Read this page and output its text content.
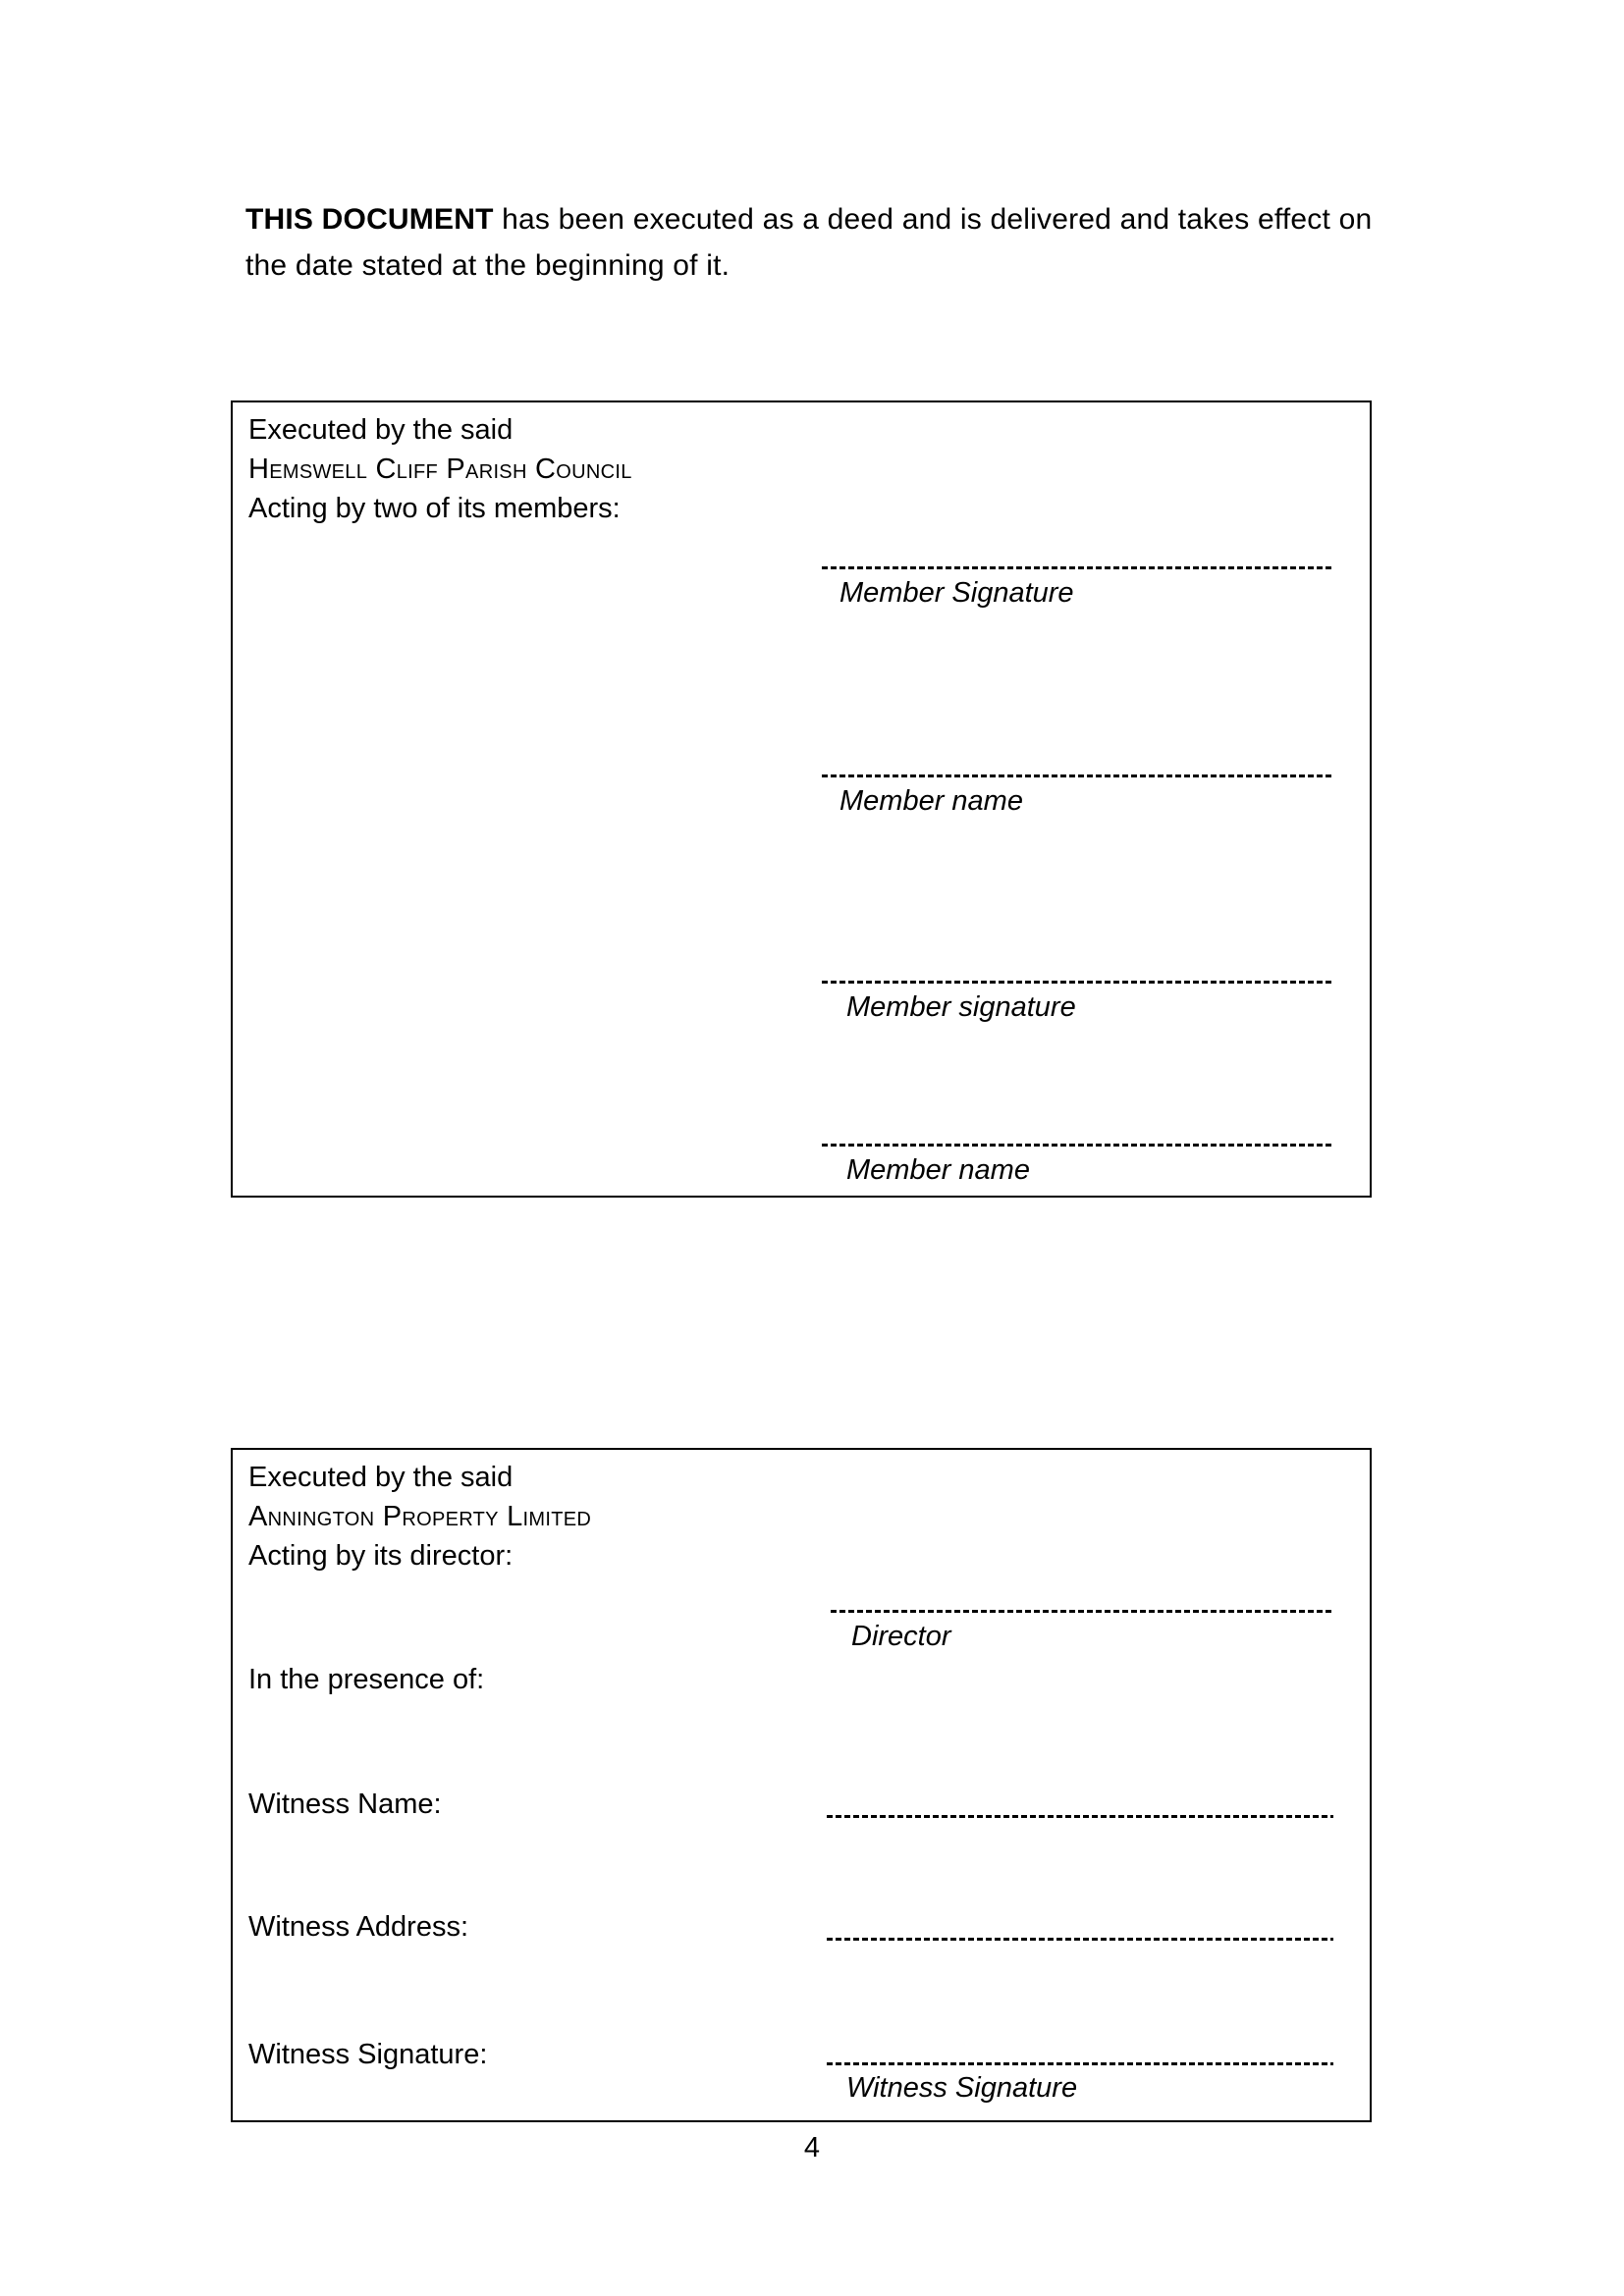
THIS DOCUMENT has been executed as a deed and is delivered and takes effect on
the date stated at the beginning of it.
Executed by the said
Hemswell Cliff Parish Council
Acting by two of its members:
Member Signature
Member name
Member signature
Member name
Executed by the said
Annington Property Limited
Acting by its director:
Director
In the presence of:
Witness Name:
Witness Address:
Witness Signature:
Witness Signature
4
